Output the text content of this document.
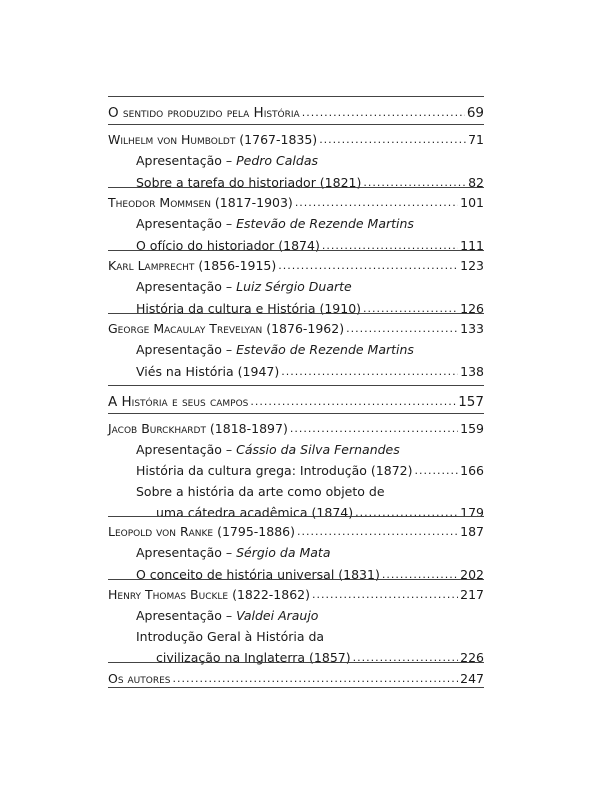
O sentido produzido pela História .....	69
Wilhelm von Humboldt (1767-1835) .....	71
Apresentação – Pedro Caldas
Sobre a tarefa do historiador (1821) .....	82
Theodor Mommsen (1817-1903) .....	101
Apresentação – Estevão de Rezende Martins
O ofício do historiador (1874) .....	111
Karl Lamprecht (1856-1915) .....	123
Apresentação – Luiz Sérgio Duarte
História da cultura e História (1910) .....	126
George Macaulay Trevelyan (1876-1962) .....	133
Apresentação – Estevão de Rezende Martins
Viés na História (1947) .....	138
A História e seus campos .....	157
Jacob Burckhardt (1818-1897) .....	159
Apresentação – Cássio da Silva Fernandes
História da cultura grega: Introdução (1872) .....	166
Sobre a história da arte como objeto de
uma cátedra acadêmica (1874) .....	179
Leopold von Ranke (1795-1886) .....	187
Apresentação – Sérgio da Mata
O conceito de história universal (1831) .....	202
Henry Thomas Buckle (1822-1862) .....	217
Apresentação – Valdei Araujo
Introdução Geral à História da
civilização na Inglaterra (1857) .....	226
Os autores .....	247
